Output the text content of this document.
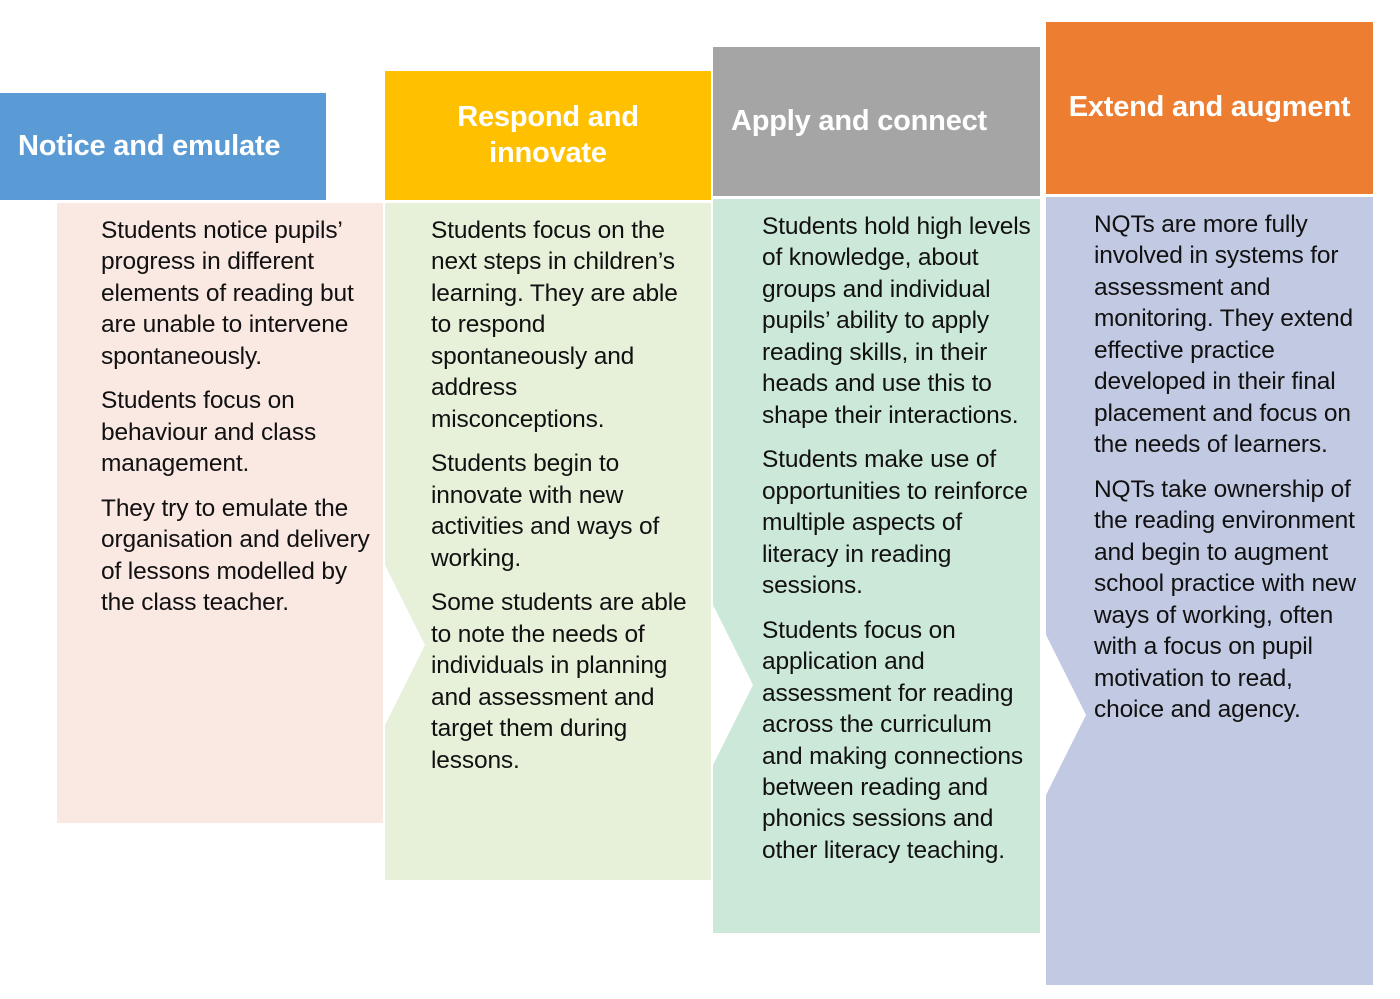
Notice and emulate

Students notice pupils’ progress in different elements of reading but are unable to intervene spontaneously.

Students focus on behaviour and class management.

They try to emulate the organisation and delivery of lessons modelled by the class teacher.

Respond and innovate

Students focus on the next steps in children’s learning. They are able to respond spontaneously and address misconceptions.

Students begin to innovate with new activities and ways of working.

Some students are able to note the needs of individuals in planning and assessment and target them during lessons.

Apply and connect

Students hold high levels of knowledge, about groups and individual pupils’ ability to apply reading skills, in their heads and use this to shape their interactions.

Students make use of opportunities to reinforce multiple aspects of literacy in reading sessions.

Students focus on application and assessment for reading across the curriculum and making connections between reading and phonics sessions and other literacy teaching.

Extend and augment

NQTs are more fully involved in systems for assessment and monitoring. They extend effective practice developed in their final placement and focus on the needs of learners.

NQTs take ownership of the reading environment and begin to augment school practice with new ways of working, often with a focus on pupil motivation to read, choice and agency.
